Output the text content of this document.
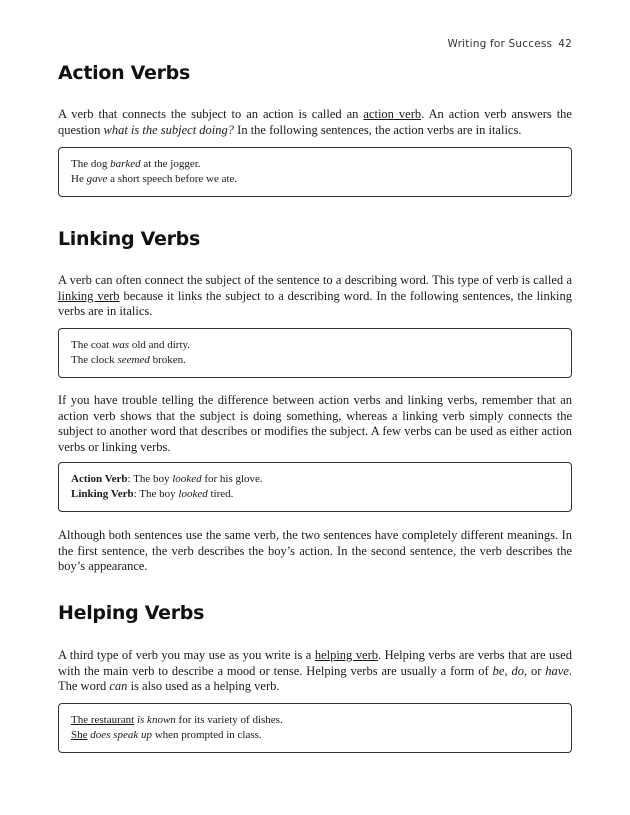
Writing for Success 42
Action Verbs

A verb that connects the subject to an action is called an action verb. An action verb answers the question what is the subject doing? In the following sentences, the action verbs are in italics.

The dog barked at the jogger.
He gave a short speech before we ate.
Linking Verbs

A verb can often connect the subject of the sentence to a describing word. This type of verb is called a linking verb because it links the subject to a describing word. In the following sentences, the linking verbs are in italics.

The coat was old and dirty.
The clock seemed broken.

If you have trouble telling the difference between action verbs and linking verbs, remember that an action verb shows that the subject is doing something, whereas a linking verb simply connects the subject to another word that describes or modifies the subject. A few verbs can be used as either action verbs or linking verbs.

Action Verb: The boy looked for his glove.
Linking Verb: The boy looked tired.

Although both sentences use the same verb, the two sentences have completely different meanings. In the first sentence, the verb describes the boy’s action. In the second sentence, the verb describes the boy’s appearance.

Helping Verbs

A third type of verb you may use as you write is a helping verb. Helping verbs are verbs that are used with the main verb to describe a mood or tense. Helping verbs are usually a form of be, do, or have. The word can is also used as a helping verb.

The restaurant is known for its variety of dishes.
She does speak up when prompted in class.
